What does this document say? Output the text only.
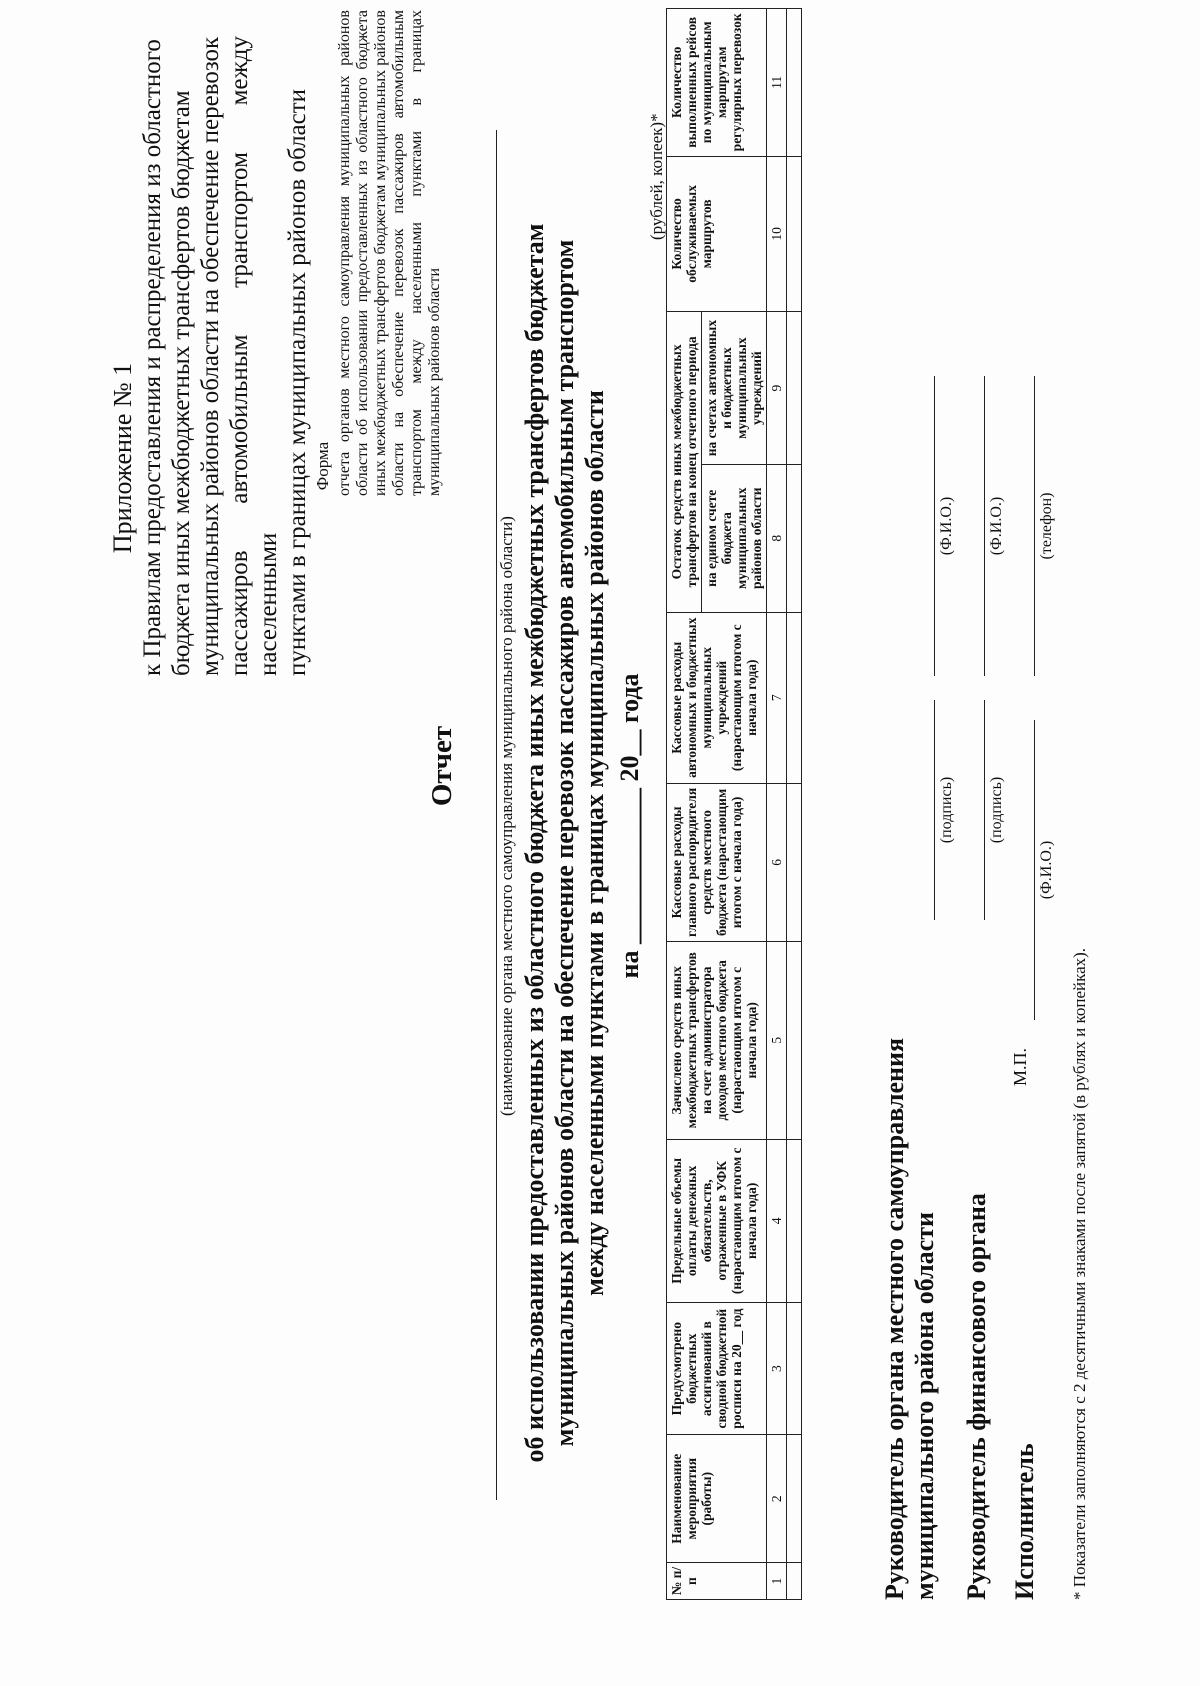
Приложение № 1 к Правилам предоставления и распределения из областного бюджета иных межбюджетных трансфертов бюджетам муниципальных районов области на обеспечение перевозок пассажиров автомобильным транспортом между населенными пунктами в границах муниципальных районов области Форма отчета органов местного самоуправления муниципальных районов области об использовании предоставленных из областного бюджета иных межбюджетных трансфертов бюджетам муниципальных районов области на обеспечение перевозок пассажиров автомобильным транспортом между населенными пунктами в границах муниципальных районов области
Отчет (наименование органа местного самоуправления муниципального района области) об использовании предоставленных из областного бюджета иных межбюджетных трансфертов бюджетам муниципальных районов области на обеспечение перевозок пассажиров автомобильным транспортом между населенными пунктами в границах муниципальных районов области на ____________ 20__ года
(рублей, копеек)*
№ п/п	Наименование мероприятия (работы)	Предусмотрено бюджетных ассигнований в сводной бюджетной росписи на 20__ год	Предельные объемы оплаты денежных обязательств, отраженные в УФК (нарастающим итогом с начала года)	Зачислено средств иных межбюджетных трансфертов на счет администратора доходов местного бюджета (нарастающим итогом с начала года)	Кассовые расходы главного распорядителя средств местного бюджета (нарастающим итогом с начала года)	Кассовые расходы автономных и бюджетных муниципальных учреждений (нарастающим итогом с начала года)	Остаток средств иных межбюджетных трансфертов на конец отчетного периода		Количество обслуживаемых маршрутов	Количество выполненных рейсов по муниципальным маршрутам регулярных перевозок
							на едином счете бюджета муниципальных районов области	на счетах автономных и бюджетных муниципальных учреждений		
1	2	3	4	5	6	7	8	9	10	11

Руководитель органа местного самоуправления муниципального района области
(подпись)
(Ф.И.О.)
Руководитель финансового органа
(подпись)
(Ф.И.О.)
Исполнитель
М.П.
(Ф.И.О.)
(телефон)
* Показатели заполняются с 2 десятичными знаками после запятой (в рублях и копейках).
